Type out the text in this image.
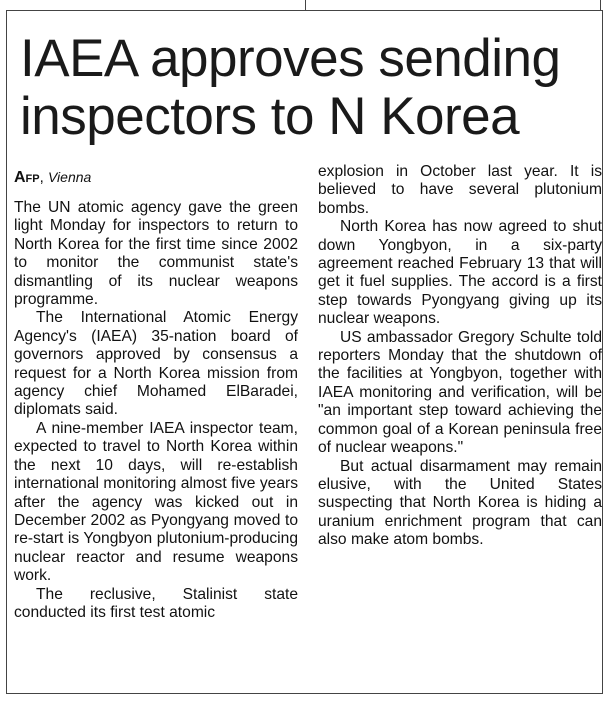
IAEA approves sending
inspectors to N Korea

Afp, Vienna

The UN atomic agency gave the green light Monday for inspectors to return to North Korea for the first time since 2002 to monitor the communist state's dismantling of its nuclear weapons programme.

The International Atomic Energy Agency's (IAEA) 35-nation board of governors approved by consensus a request for a North Korea mission from agency chief Mohamed ElBaradei, diplomats said.

A nine-member IAEA inspector team, expected to travel to North Korea within the next 10 days, will re-establish international monitoring almost five years after the agency was kicked out in December 2002 as Pyongyang moved to re-start is Yongbyon plutonium-producing nuclear reactor and resume weapons work.

The reclusive, Stalinist state conducted its first test atomic

explosion in October last year. It is believed to have several plutonium bombs.

North Korea has now agreed to shut down Yongbyon, in a six-party agreement reached February 13 that will get it fuel supplies. The accord is a first step towards Pyongyang giving up its nuclear weapons.

US ambassador Gregory Schulte told reporters Monday that the shutdown of the facilities at Yongbyon, together with IAEA monitoring and verification, will be "an important step toward achieving the common goal of a Korean peninsula free of nuclear weapons."

But actual disarmament may remain elusive, with the United States suspecting that North Korea is hiding a uranium enrichment program that can also make atom bombs.
